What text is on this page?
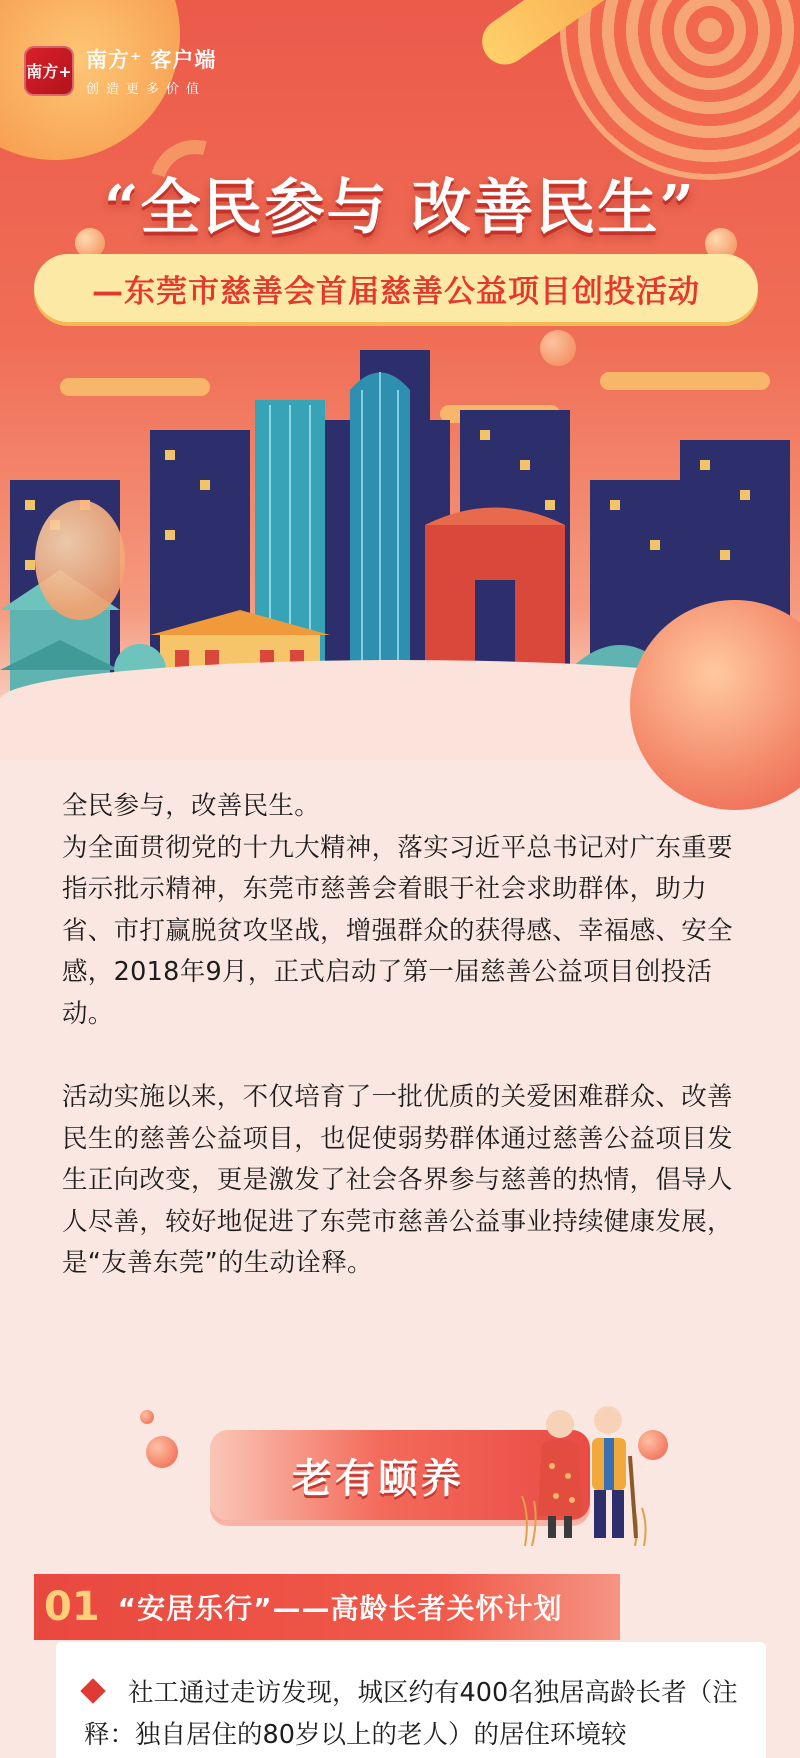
南方+ 南方⁺ 客户端
创造更多价值
“全民参与 改善民生”
—东莞市慈善会首届慈善公益项目创投活动

全民参与，改善民生。

为全面贯彻党的十九大精神，落实习近平总书记对广东重要指示批示精神，东莞市慈善会着眼于社会求助群体，助力省、市打赢脱贫攻坚战，增强群众的获得感、幸福感、安全感，2018年9月，正式启动了第一届慈善公益项目创投活动。

活动实施以来，不仅培育了一批优质的关爱困难群众、改善民生的慈善公益项目，也促使弱势群体通过慈善公益项目发生正向改变，更是激发了社会各界参与慈善的热情，倡导人人尽善，较好地促进了东莞市慈善公益事业持续健康发展，是“友善东莞”的生动诠释。

老有颐养
01 “安居乐行”——高龄长者关怀计划
社工通过走访发现，城区约有400名独居高龄长者（注释：独自居住的80岁以上的老人）的居住环境较
